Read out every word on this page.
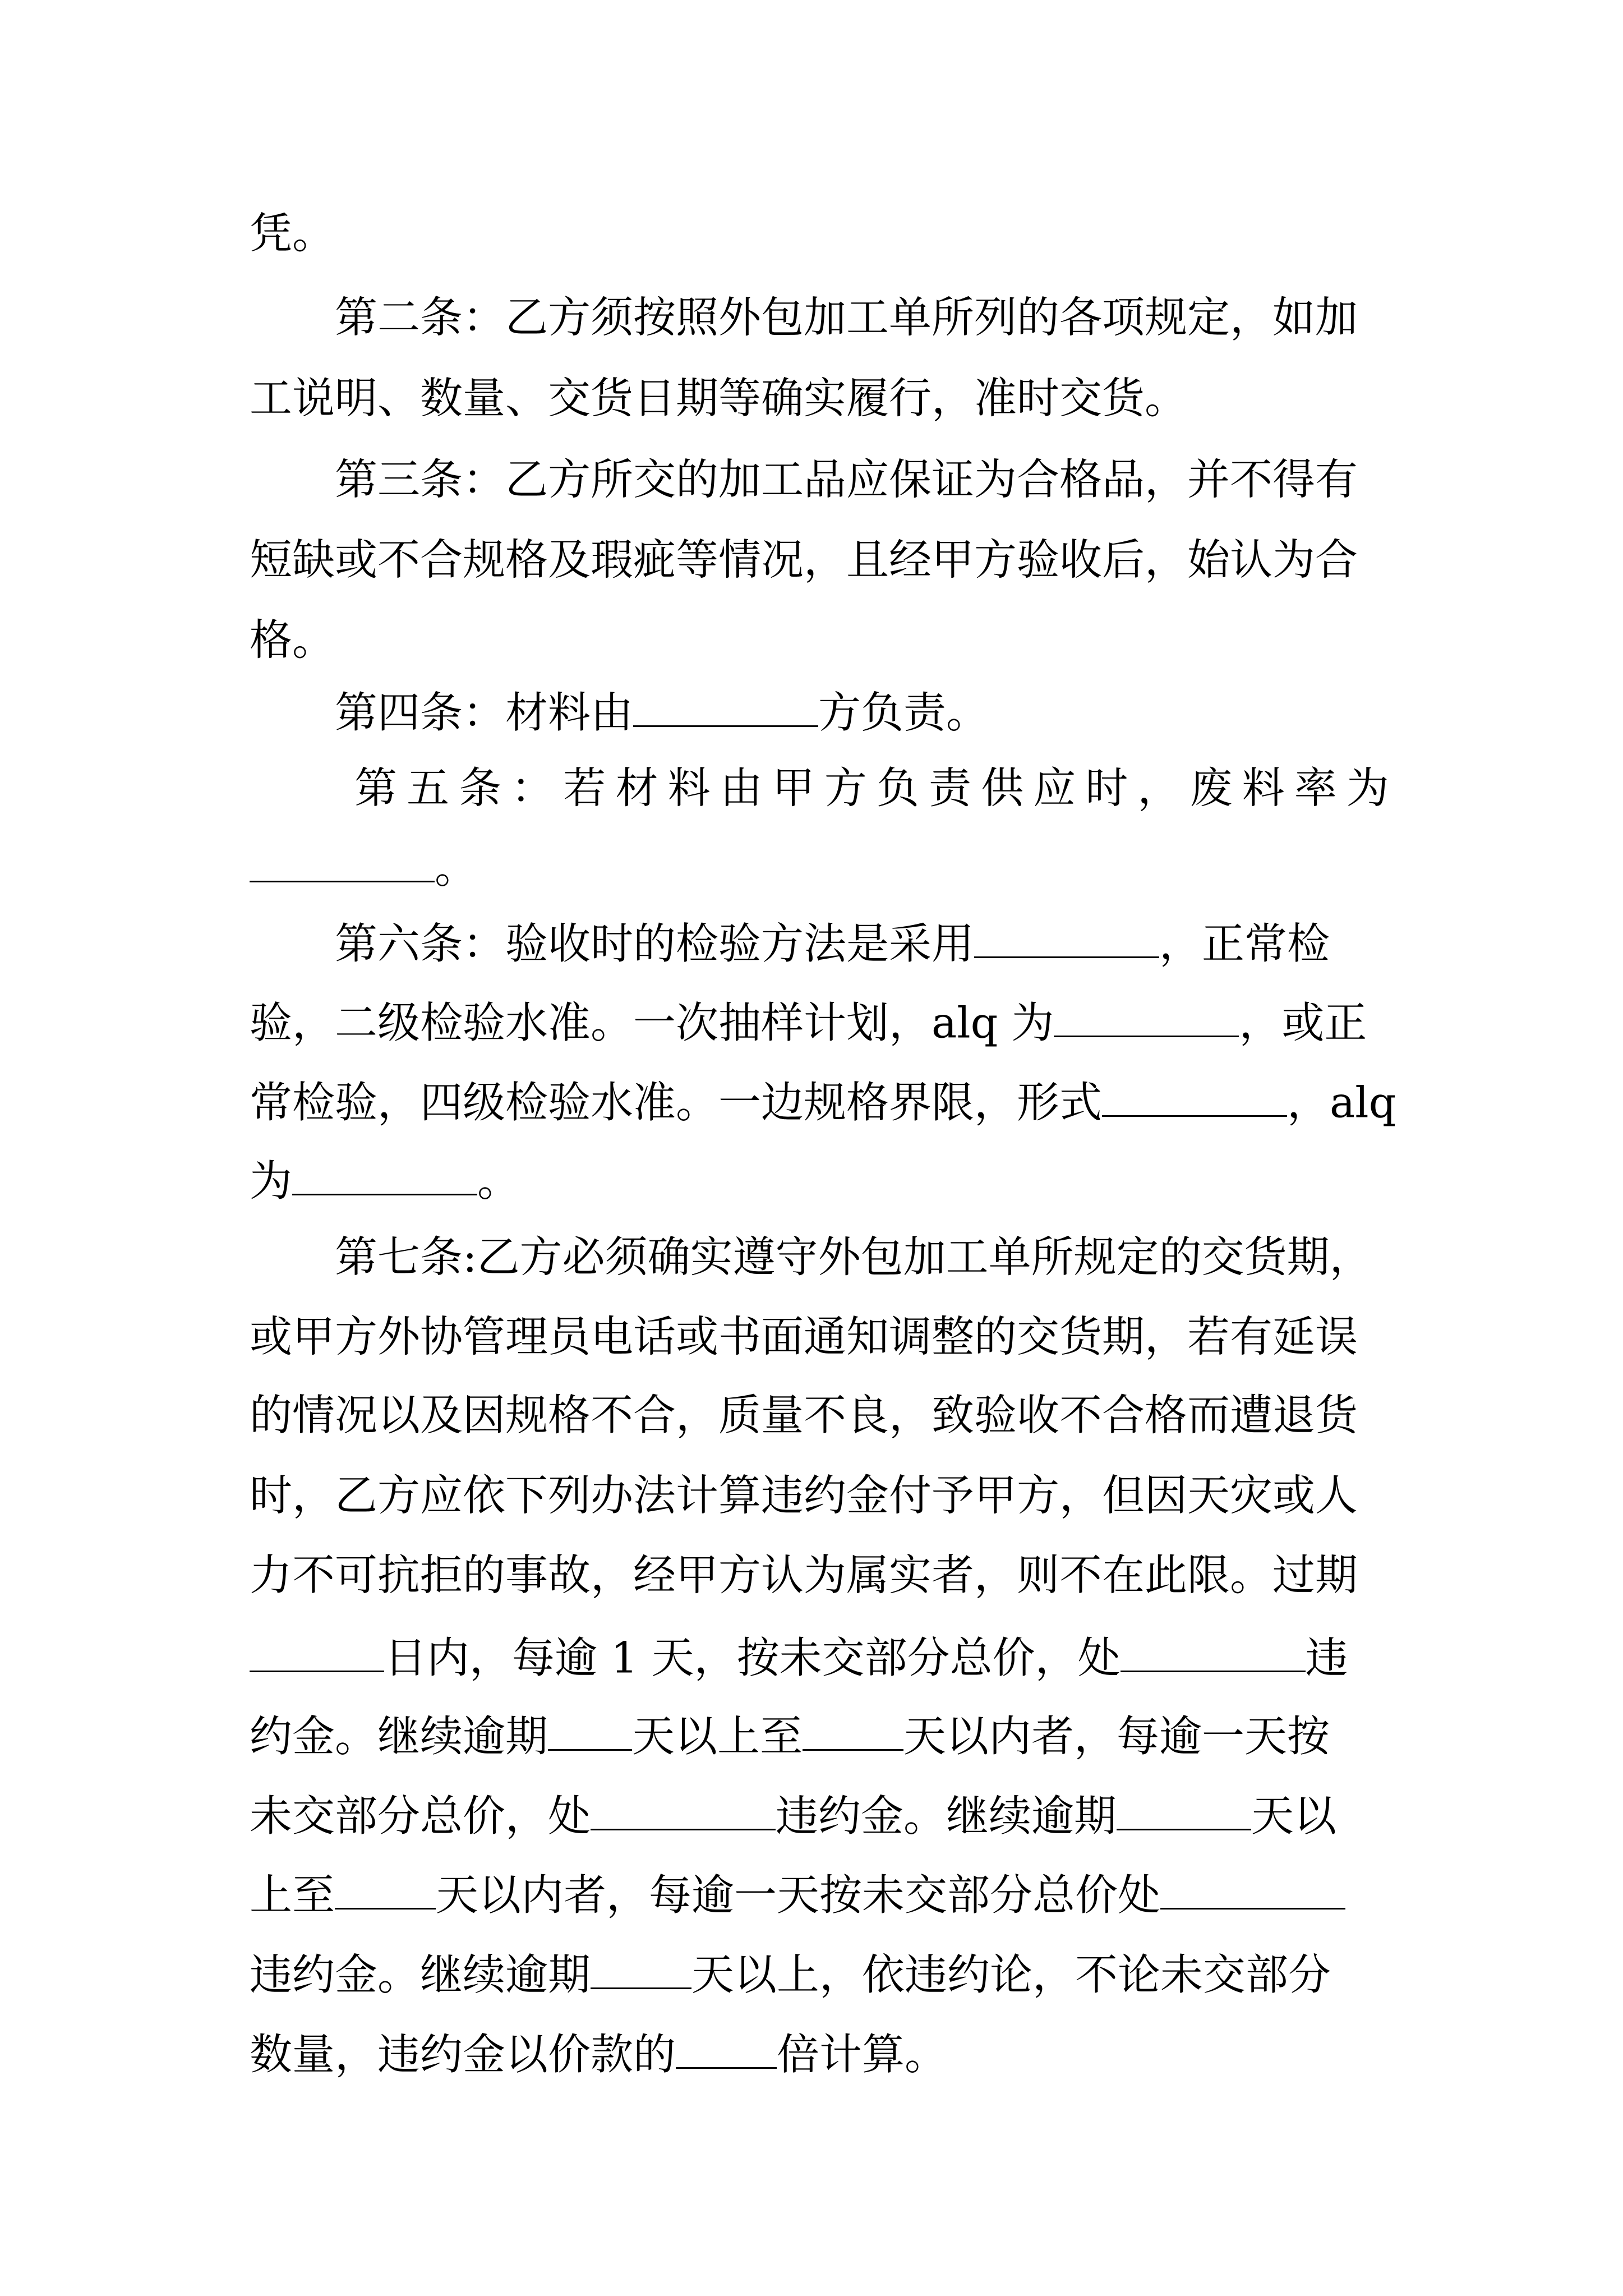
凭。

第二条：乙方须按照外包加工单所列的各项规定，如加

工说明、数量、交货日期等确实履行，准时交货。

第三条：乙方所交的加工品应保证为合格品，并不得有

短缺或不合规格及瑕疵等情况，且经甲方验收后，始认为合

格。

第四条：材料由	方负责。

第 五 条 ： 若 材 料 由 甲 方 负 责 供 应 时 ， 废 料 率 为

。

第六条：验收时的检验方法是采用	，正常检

验，二级检验水准。一次抽样计划，alq 为	，或正

常检验，四级检验水准。一边规格界限，形式	，alq

为	。

第七条:乙方必须确实遵守外包加工单所规定的交货期，

或甲方外协管理员电话或书面通知调整的交货期，若有延误

的情况以及因规格不合，质量不良，致验收不合格而遭退货

时，乙方应依下列办法计算违约金付予甲方，但因天灾或人

力不可抗拒的事故，经甲方认为属实者，则不在此限。过期

日内，每逾 1 天，按未交部分总价，处	违

约金。继续逾期 天以上至 天以内者，每逾一天按

未交部分总价，处	违约金。继续逾期	天以

上至 天以内者，每逾一天按未交部分总价处

违约金。继续逾期 天以上，依违约论，不论未交部分

数量，违约金以价款的 倍计算。
